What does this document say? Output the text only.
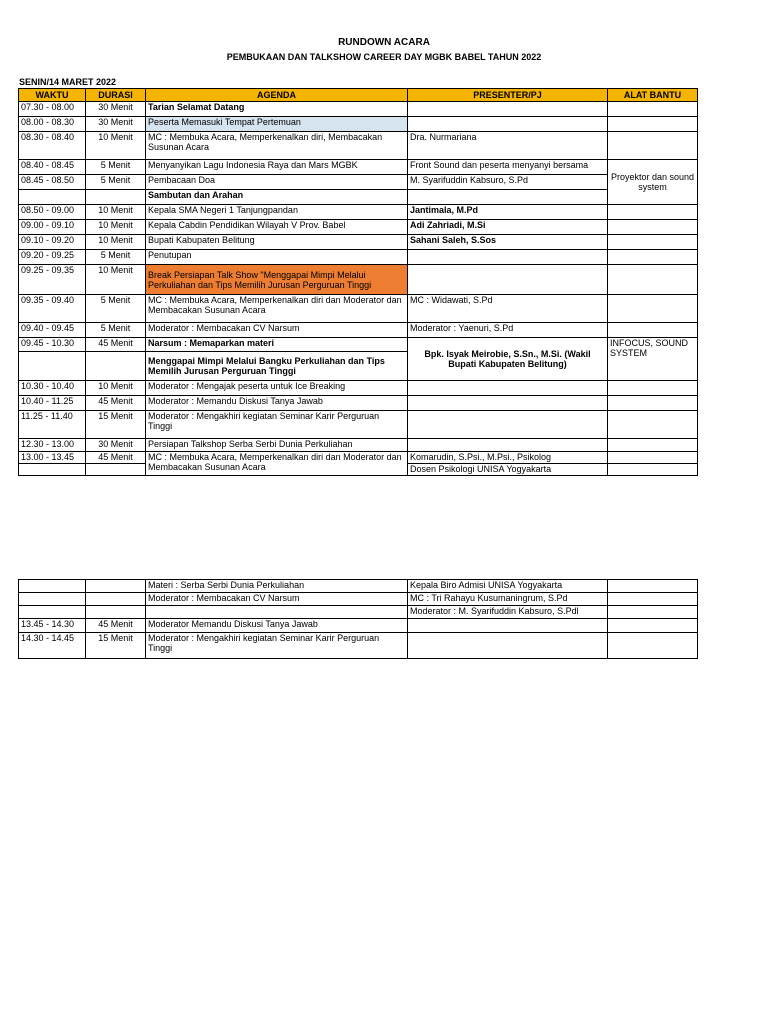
RUNDOWN ACARA
PEMBUKAAN DAN TALKSHOW CAREER DAY MGBK BABEL TAHUN 2022
SENIN/14 MARET 2022
WAKTU	DURASI	AGENDA	PRESENTER/PJ	ALAT BANTU
07.30 - 08.00	30 Menit	Tarian Selamat Datang		
08.00 - 08.30	30 Menit	Peserta Memasuki Tempat Pertemuan		
08.30 - 08.40	10 Menit	MC : Membuka Acara, Memperkenalkan diri, Membacakan Susunan Acara	Dra. Nurmariana	
08.40 - 08.45	5 Menit	Menyanyikan Lagu Indonesia Raya dan Mars MGBK	Front Sound dan peserta menyanyi bersama	Proyektor dan sound system
08.45 - 08.50	5 Menit	Pembacaan Doa	M. Syarifuddin Kabsuro, S.Pd	
		Sambutan dan Arahan		
08.50 - 09.00	10 Menit	Kepala SMA Negeri 1 Tanjungpandan	Jantimala, M.Pd	
09.00 - 09.10	10 Menit	Kepala Cabdin Pendidikan Wilayah V Prov. Babel	Adi Zahriadi, M.Si	
09.10 - 09.20	10 Menit	Bupati Kabupaten Belitung	Sahani Saleh, S.Sos	
09.20 - 09.25	5 Menit	Penutupan		
09.25 - 09.35	10 Menit	Break Persiapan Talk Show "Menggapai Mimpi Melalui Perkuliahan dan Tips Memilih Jurusan Perguruan Tinggi		
09.35 - 09.40	5 Menit	MC : Membuka Acara, Memperkenalkan diri dan Moderator dan Membacakan Susunan Acara	MC : Widawati, S.Pd	
09.40 - 09.45	5 Menit	Moderator : Membacakan CV Narsum	Moderator : Yaenuri, S.Pd	
09.45 - 10.30	45 Menit	Narsum : Memaparkan materi	Bpk. Isyak Meirobie, S.Sn., M.Si. (Wakil Bupati Kabupaten Belitung)	INFOCUS, SOUND SYSTEM
		Menggapai Mimpi Melalui Bangku Perkuliahan dan Tips Memilih Jurusan Perguruan Tinggi		
10.30 - 10.40	10 Menit	Moderator : Mengajak peserta untuk Ice Breaking		
10.40 - 11.25	45 Menit	Moderator : Memandu Diskusi Tanya Jawab		
11.25 - 11.40	15 Menit	Moderator : Mengakhiri kegiatan Seminar Karir Perguruan Tinggi		
12.30 - 13.00	30 Menit	Persiapan Talkshop Serba Serbi Dunia Perkuliahan		
13.00 - 13.45	45 Menit	MC : Membuka Acara, Memperkenalkan diri dan Moderator dan Membacakan Susunan Acara	Komarudin, S.Psi., M.Psi., Psikolog	
			Dosen Psikologi UNISA Yogyakarta	
		Materi : Serba Serbi Dunia Perkuliahan	Kepala Biro Admisi UNISA Yogyakarta	
		Moderator : Membacakan CV Narsum	MC : Tri Rahayu Kusumaningrum, S.Pd	
			Moderator : M. Syarifuddin Kabsuro, S.Pdl	
13.45 - 14.30	45 Menit	Moderator Memandu Diskusi Tanya Jawab		
14.30 - 14.45	15 Menit	Moderator : Mengakhiri kegiatan Seminar Karir Perguruan Tinggi		
